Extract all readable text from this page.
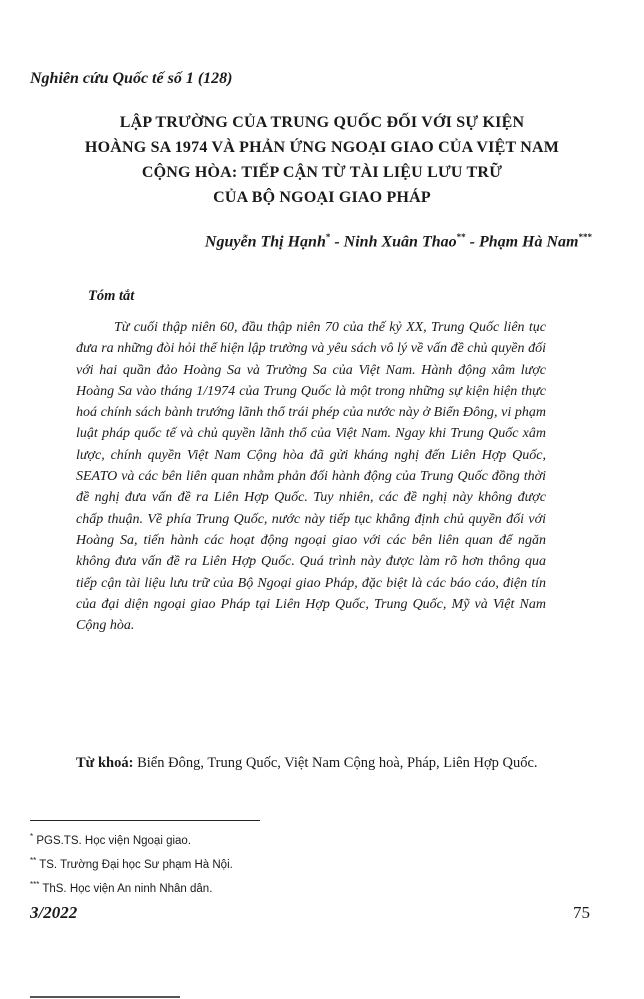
Nghiên cứu Quốc tế số 1 (128)
LẬP TRƯỜNG CỦA TRUNG QUỐC ĐỐI VỚI SỰ KIỆN
HOÀNG SA 1974 VÀ PHẢN ỨNG NGOẠI GIAO CỦA VIỆT NAM
CỘNG HÒA: TIẾP CẬN TỪ TÀI LIỆU LƯU TRỮ
CỦA BỘ NGOẠI GIAO PHÁP
Nguyễn Thị Hạnh* - Ninh Xuân Thao** - Phạm Hà Nam***
Tóm tắt

Từ cuối thập niên 60, đầu thập niên 70 của thế kỷ XX, Trung Quốc liên tục đưa ra những đòi hỏi thể hiện lập trường và yêu sách vô lý về vấn đề chủ quyền đối với hai quần đảo Hoàng Sa và Trường Sa của Việt Nam. Hành động xâm lược Hoàng Sa vào tháng 1/1974 của Trung Quốc là một trong những sự kiện hiện thực hoá chính sách bành trướng lãnh thổ trái phép của nước này ở Biển Đông, vi phạm luật pháp quốc tế và chủ quyền lãnh thổ của Việt Nam. Ngay khi Trung Quốc xâm lược, chính quyền Việt Nam Cộng hòa đã gửi kháng nghị đến Liên Hợp Quốc, SEATO và các bên liên quan nhằm phản đối hành động của Trung Quốc đồng thời đề nghị đưa vấn đề ra Liên Hợp Quốc. Tuy nhiên, các đề nghị này không được chấp thuận. Về phía Trung Quốc, nước này tiếp tục khẳng định chủ quyền đối với Hoàng Sa, tiến hành các hoạt động ngoại giao với các bên liên quan để ngăn không đưa vấn đề ra Liên Hợp Quốc. Quá trình này được làm rõ hơn thông qua tiếp cận tài liệu lưu trữ của Bộ Ngoại giao Pháp, đặc biệt là các báo cáo, điện tín của đại diện ngoại giao Pháp tại Liên Hợp Quốc, Trung Quốc, Mỹ và Việt Nam Cộng hòa.

Từ khoá: Biển Đông, Trung Quốc, Việt Nam Cộng hoà, Pháp, Liên Hợp Quốc.
* PGS.TS. Học viện Ngoại giao.
** TS. Trường Đại học Sư phạm Hà Nội.
*** ThS. Học viện An ninh Nhân dân.
3/2022	75
